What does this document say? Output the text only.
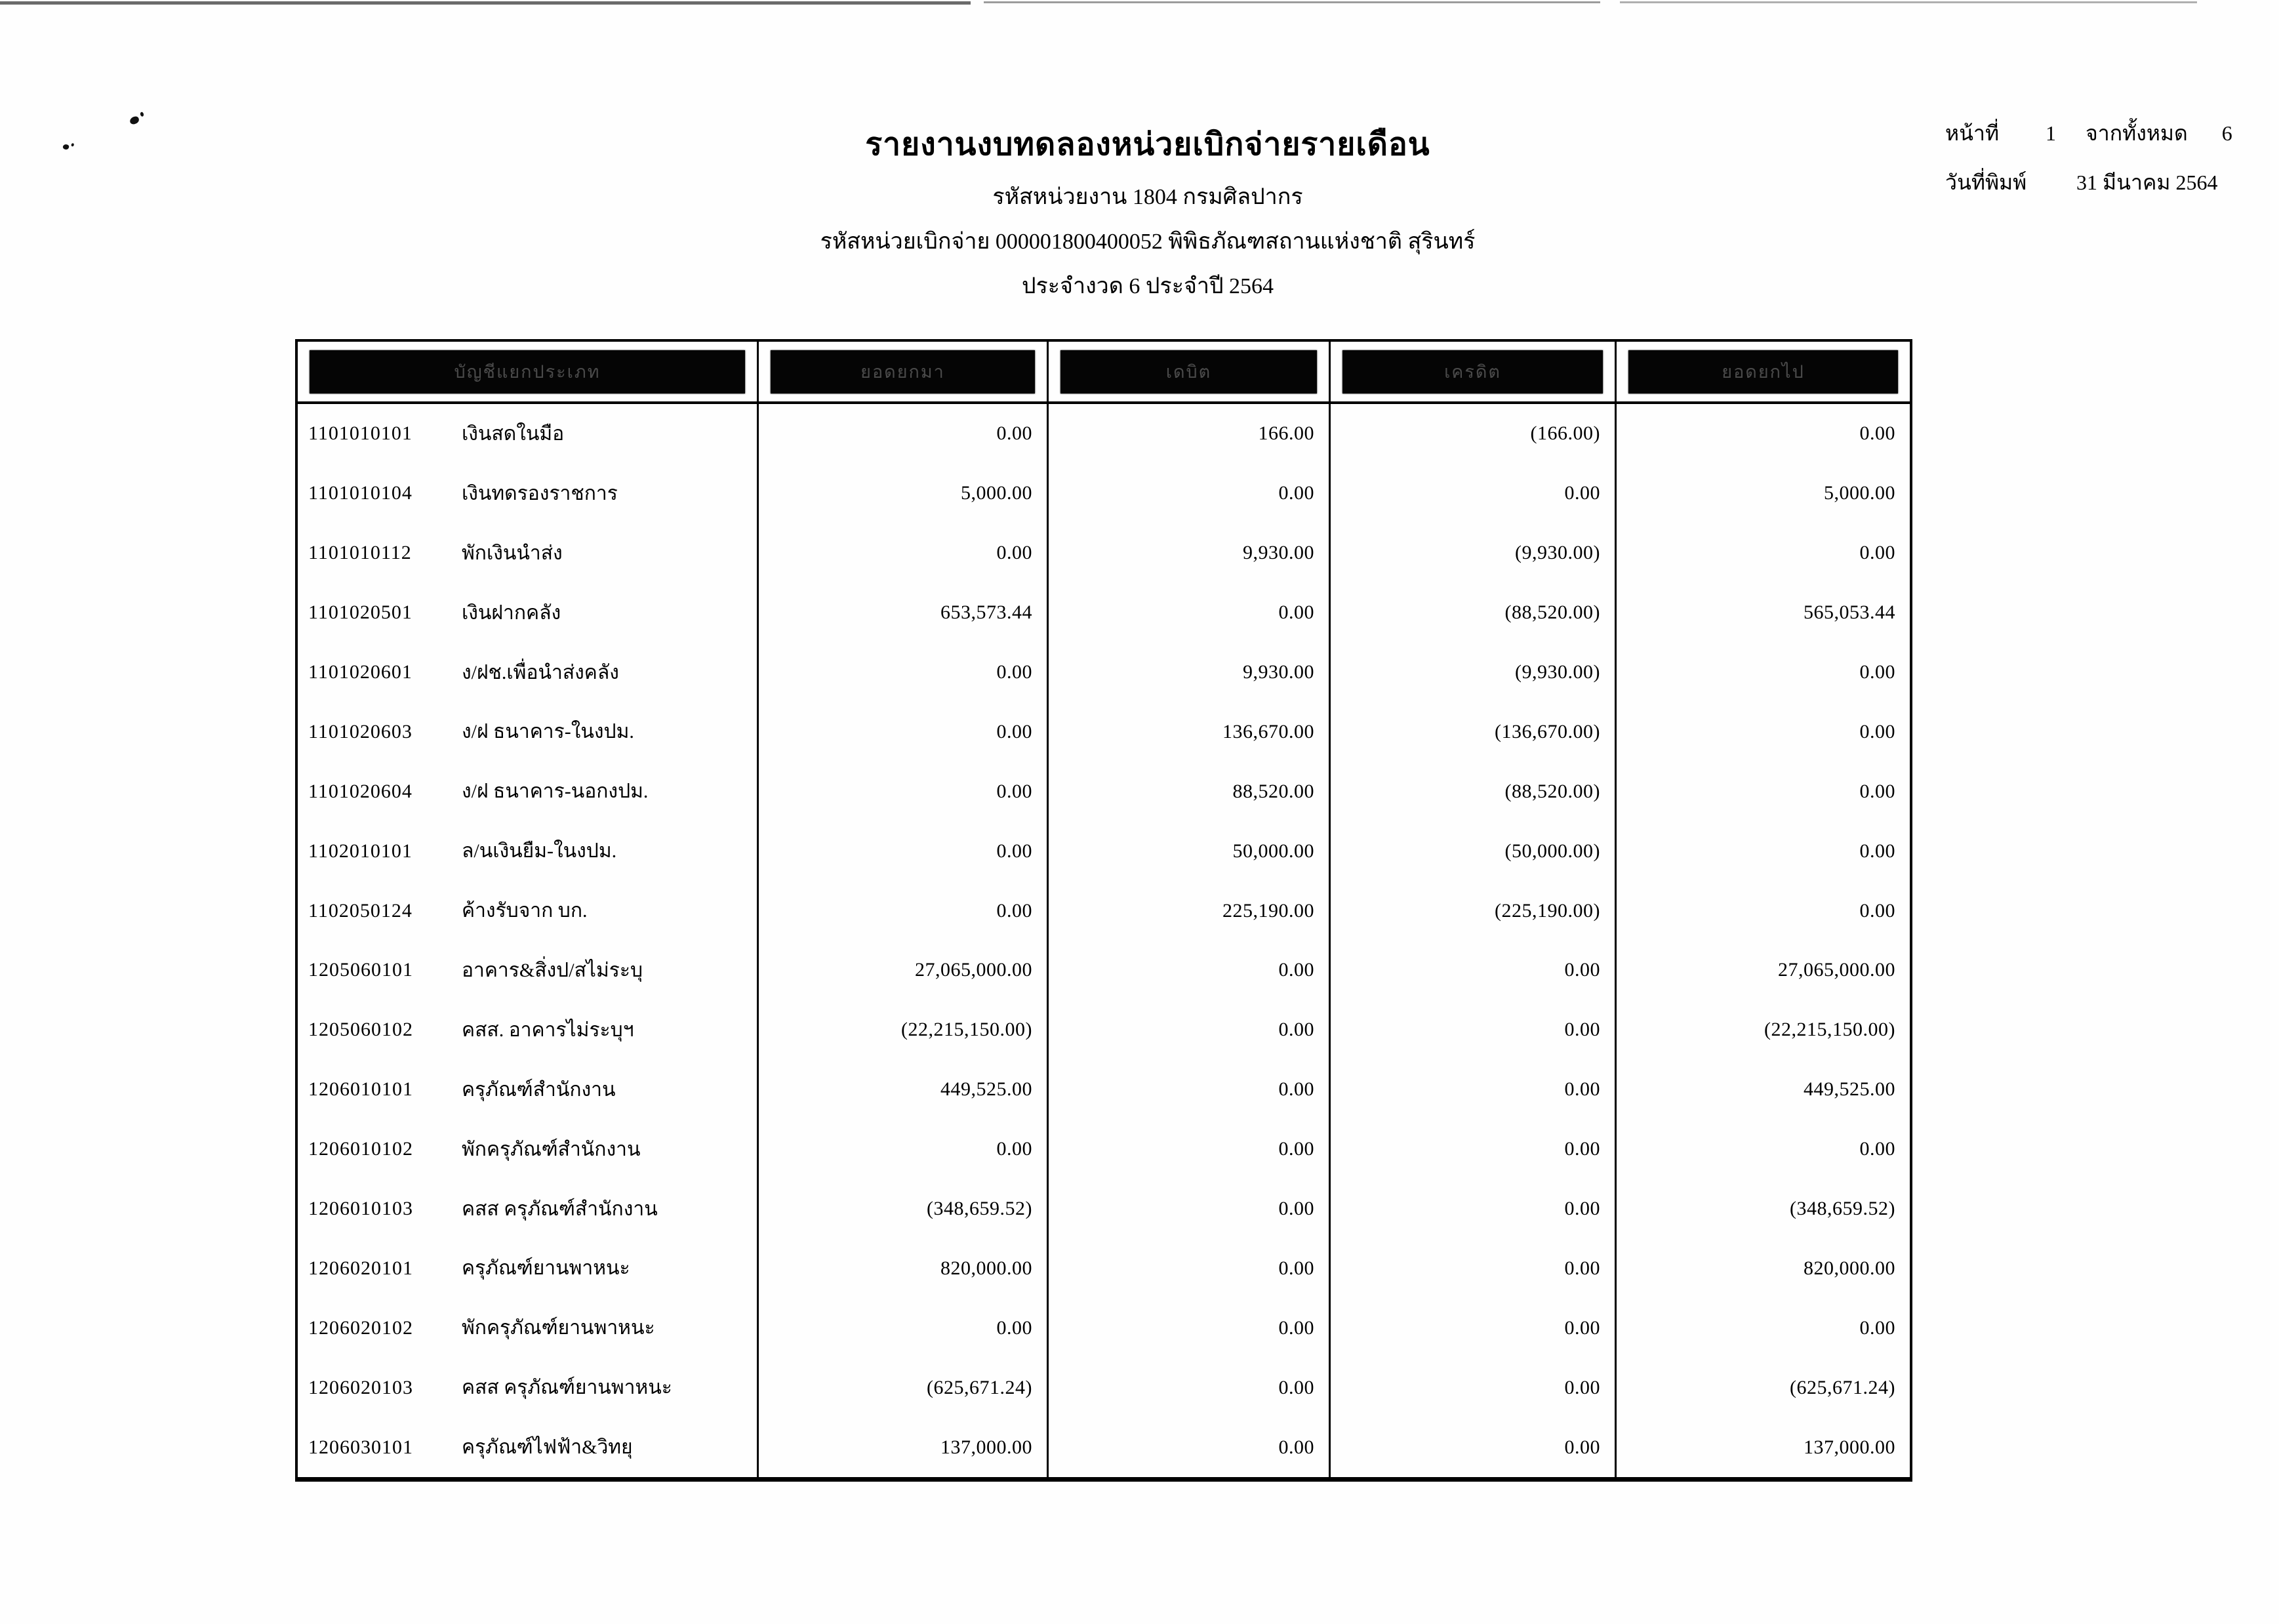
รายงานงบทดลองหน่วยเบิกจ่ายรายเดือน
รหัสหน่วยงาน 1804 กรมศิลปากร
รหัสหน่วยเบิกจ่าย 000001800400052 พิพิธภัณฑสถานแห่งชาติ สุรินทร์
ประจำงวด 6 ประจำปี 2564
หน้าที่	1	จากทั้งหมด 6
วันที่พิมพ์	31 มีนาคม 2564
บัญชีแยกประเภท	ยอดยกมา	เดบิต	เครดิต	ยอดยกไป
1101010101	เงินสดในมือ	0.00	166.00	(166.00)	0.00
1101010104	เงินทดรองราชการ	5,000.00	0.00	0.00	5,000.00
1101010112	พักเงินนำส่ง	0.00	9,930.00	(9,930.00)	0.00
1101020501	เงินฝากคลัง	653,573.44	0.00	(88,520.00)	565,053.44
1101020601	ง/ฝช.เพื่อนำส่งคลัง	0.00	9,930.00	(9,930.00)	0.00
1101020603	ง/ฝ ธนาคาร-ในงปม.	0.00	136,670.00	(136,670.00)	0.00
1101020604	ง/ฝ ธนาคาร-นอกงปม.	0.00	88,520.00	(88,520.00)	0.00
1102010101	ล/นเงินยืม-ในงปม.	0.00	50,000.00	(50,000.00)	0.00
1102050124	ค้างรับจาก บก.	0.00	225,190.00	(225,190.00)	0.00
1205060101	อาคาร&สิ่งป/สไม่ระบุ	27,065,000.00	0.00	0.00	27,065,000.00
1205060102	คสส. อาคารไม่ระบุฯ	(22,215,150.00)	0.00	0.00	(22,215,150.00)
1206010101	ครุภัณฑ์สำนักงาน	449,525.00	0.00	0.00	449,525.00
1206010102	พักครุภัณฑ์สำนักงาน	0.00	0.00	0.00	0.00
1206010103	คสส ครุภัณฑ์สำนักงาน	(348,659.52)	0.00	0.00	(348,659.52)
1206020101	ครุภัณฑ์ยานพาหนะ	820,000.00	0.00	0.00	820,000.00
1206020102	พักครุภัณฑ์ยานพาหนะ	0.00	0.00	0.00	0.00
1206020103	คสส ครุภัณฑ์ยานพาหนะ	(625,671.24)	0.00	0.00	(625,671.24)
1206030101	ครุภัณฑ์ไฟฟ้า&วิทยุ	137,000.00	0.00	0.00	137,000.00
